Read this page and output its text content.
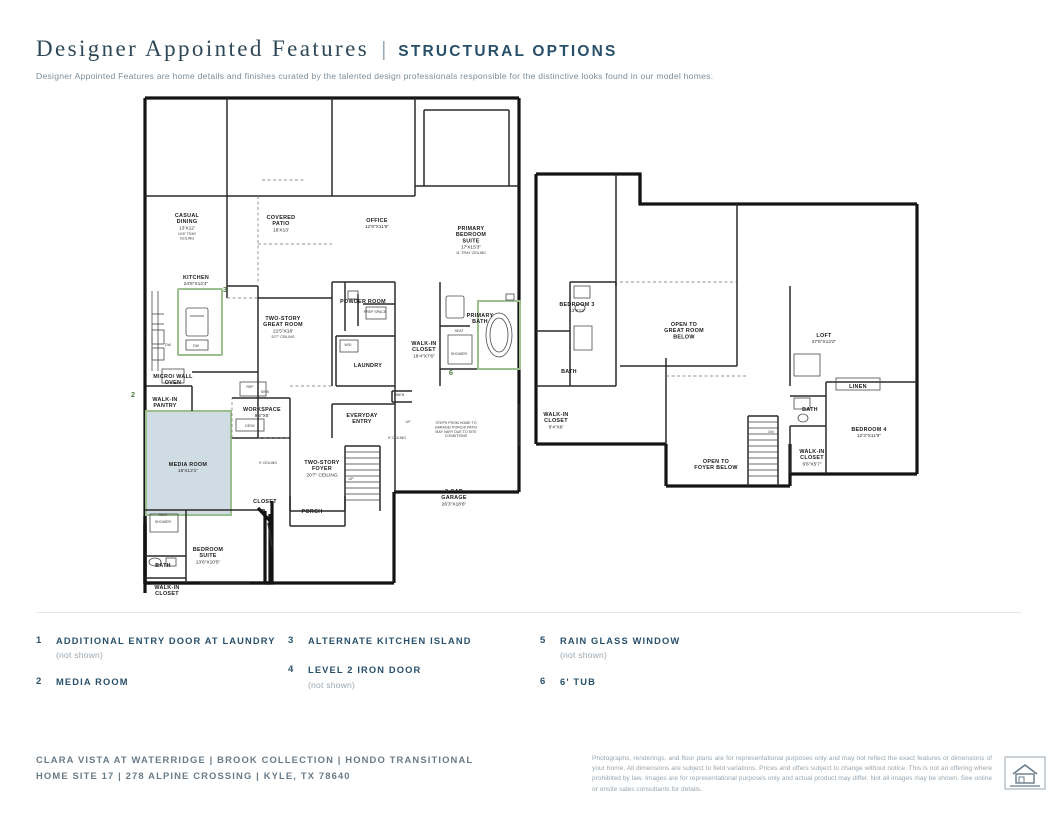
Designer Appointed Features | STRUCTURAL OPTIONS
Designer Appointed Features are home details and finishes curated by the talented design professionals responsible for the distinctive looks found in our model homes.
DW
CASUAL
DINING
13'X12'
10'6" TRAY
CEILING
COVERED
PATIO
18'X13'
OFFICE
12'9"X11'6"	PRIMARY
BEDROOM
SUITE
17'X15'3"
11' TRAY CEILING
KITCHEN
24'5"X12'4"
TWO-STORY
GREAT ROOM
21'5"X18'
20'7" CEILING
POWDER ROOM
PRIMARY
BATH
WALK-IN
CLOSET
18'4"X7'6"
LAUNDRY
MICRO/ WALL
OVEN
WALK-IN
PANTRY
WORKSPACE
9'4"X5'	EVERYDAY
ENTRY
MEDIA ROOM
15'X12'1"
TWO-STORY
FOYER
20'7" CEILING
2-CAR
GARAGE
26'3"X18'6"
PORCH
CLOSET
BEDROOM
SUITE
13'6"X10'5"
BATH
WALK-IN
CLOSET
BEDROOM 3
13'X12'
OPEN TO
GREAT ROOM
BELOW	LOFT
27'6"X13'2"
BATH
LINEN
BATH
WALK-IN
CLOSET
6'4"X6'	BEDROOM 4
12'3"X11'9"
WALK-IN
CLOSET
6'6"X5'7"
OPEN TO
FOYER BELOW
DW
REF
SINK
DESK
W/D
PREP SPACE
LINEN
SEAT
SHOWER
SEAT
SHOWER
UP
UP
9' CEILING
9' CEILING
STEPS FROM HOME TO
GARAGE/ PORCH/ PATIO
MAY VARY DUE TO SITE
CONDITIONS
DN
2
3
6
1 ADDITIONAL ENTRY DOOR AT LAUNDRY
(not shown)
2 MEDIA ROOM
3 ALTERNATE KITCHEN ISLAND
4 LEVEL 2 IRON DOOR
(not shown)
5 RAIN GLASS WINDOW
(not shown)
6 6' TUB
CLARA VISTA AT WATERRIDGE | BROOK COLLECTION | HONDO TRANSITIONAL
HOME SITE 17 | 278 ALPINE CROSSING | KYLE, TX 78640
Photographs, renderings, and floor plans are for representational purposes only and may not reflect the exact features or dimensions of your home. All dimensions are subject to field variations. Prices and offers subject to change without notice. This is not an offering where prohibited by law. Images are for representational purposes only and actual product may differ. Not all images may be shown. See online or onsite sales consultants for details.
